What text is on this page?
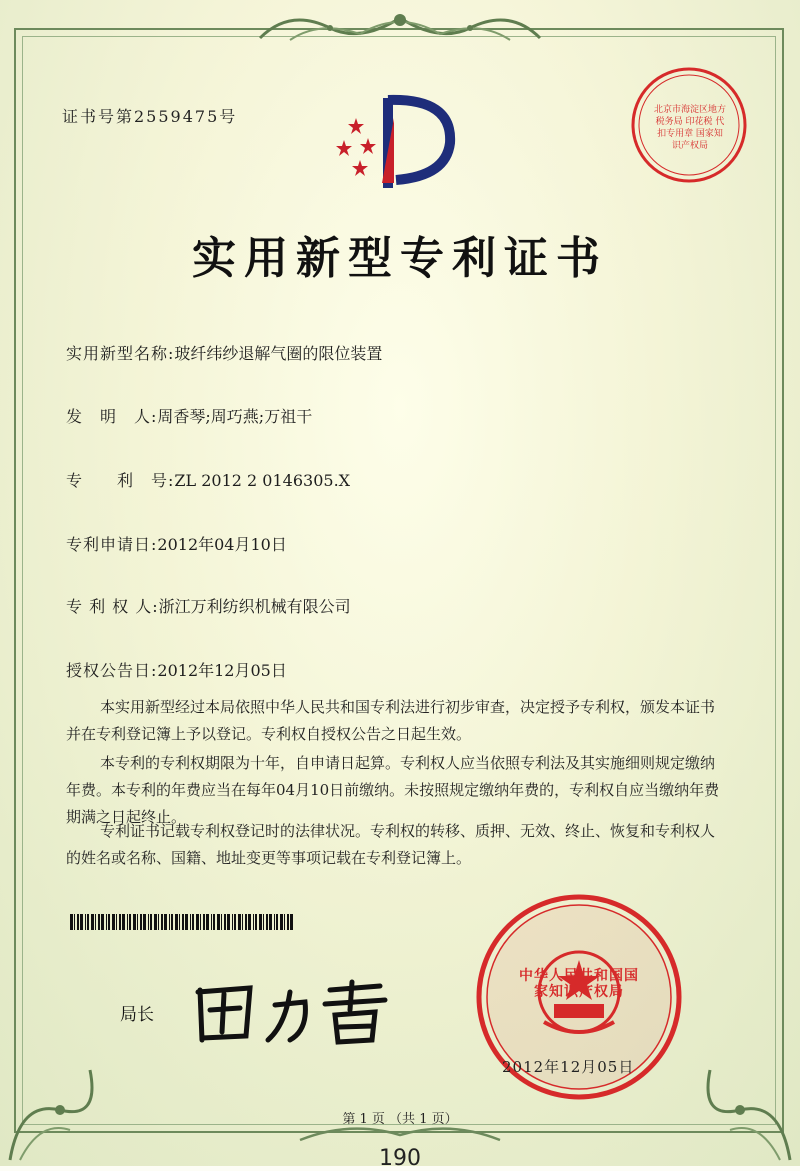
证书号第2559475号	北京市海淀区地方税务局 印花税 代扣专用章 国家知识产权局
实用新型专利证书
实用新型名称:玻纤纬纱退解气圈的限位装置
发　明　人:周香琴;周巧燕;万祖干
专　　利　号:ZL 2012 2 0146305.X
专利申请日:2012年04月10日
专 利 权 人:浙江万利纺织机械有限公司
授权公告日:2012年12月05日
本实用新型经过本局依照中华人民共和国专利法进行初步审查，决定授予专利权，颁发本证书并在专利登记簿上予以登记。专利权自授权公告之日起生效。
本专利的专利权期限为十年，自申请日起算。专利权人应当依照专利法及其实施细则规定缴纳年费。本专利的年费应当在每年04月10日前缴纳。未按照规定缴纳年费的，专利权自应当缴纳年费期满之日起终止。
专利证书记载专利权登记时的法律状况。专利权的转移、质押、无效、终止、恢复和专利权人的姓名或名称、国籍、地址变更等事项记载在专利登记簿上。
局长
中华人民共和国国家知识产权局
2012年12月05日
第 1 页 （共 1 页）
190
